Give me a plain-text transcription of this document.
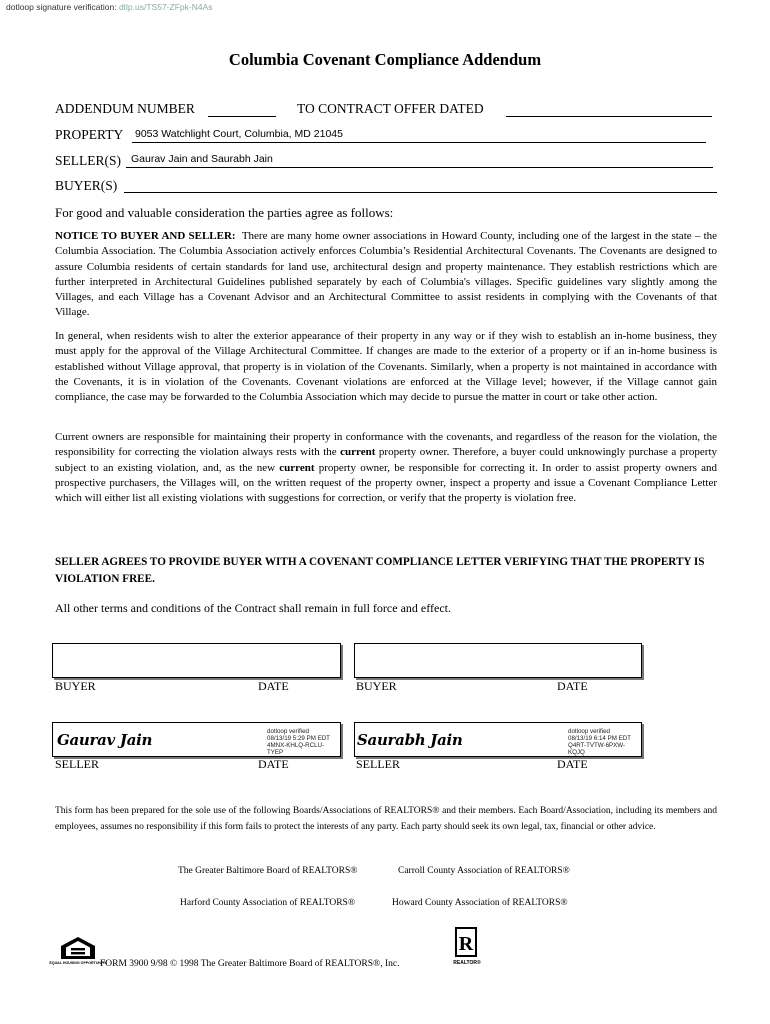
dotloop signature verification: dtlp.us/TS57-ZFpk-N4As
Columbia Covenant Compliance Addendum
ADDENDUM NUMBER	TO CONTRACT OFFER DATED
PROPERTY 9053 Watchlight Court, Columbia, MD 21045
SELLER(S) Gaurav Jain and Saurabh Jain
BUYER(S)
For good and valuable consideration the parties agree as follows:

NOTICE TO BUYER AND SELLER: There are many home owner associations in Howard County, including one of the largest in the state – the Columbia Association. The Columbia Association actively enforces Columbia’s Residential Architectural Covenants. The Covenants are designed to assure Columbia residents of certain standards for land use, architectural design and property maintenance. They establish restrictions which are further interpreted in Architectural Guidelines published separately by each of Columbia's villages. Specific guidelines vary slightly among the Villages, and each Village has a Covenant Advisor and an Architectural Committee to assist residents in complying with the Covenants of that Village.

In general, when residents wish to alter the exterior appearance of their property in any way or if they wish to establish an in-home business, they must apply for the approval of the Village Architectural Committee. If changes are made to the exterior of a property or if an in-home business is established without Village approval, that property is in violation of the Covenants. Similarly, when a property is not maintained in accordance with the Covenants, it is in violation of the Covenants. Covenant violations are enforced at the Village level; however, if the Village cannot gain compliance, the case may be forwarded to the Columbia Association which may decide to pursue the matter in court or take other action.

Current owners are responsible for maintaining their property in conformance with the covenants, and regardless of the reason for the violation, the responsibility for correcting the violation always rests with the current property owner. Therefore, a buyer could unknowingly purchase a property subject to an existing violation, and, as the new current property owner, be responsible for correcting it. In order to assist property owners and prospective purchasers, the Villages will, on the written request of the property owner, inspect a property and issue a Covenant Compliance Letter which will either list all existing violations with suggestions for correction, or verify that the property is violation free.

SELLER AGREES TO PROVIDE BUYER WITH A COVENANT COMPLIANCE LETTER VERIFYING THAT THE PROPERTY IS VIOLATION FREE.
All other terms and conditions of the Contract shall remain in full force and effect.
BUYER	DATE	BUYER	DATE
Gaurav Jain	dotloop verified
08/13/19 5:29 PM EDT
4MNX-KHLQ-RCLU-TYEP
Saurabh Jain	dotloop verified
08/13/19 6:14 PM EDT
Q4RT-TVTW-6PXW-KQJQ
SELLER	DATE	SELLER	DATE
This form has been prepared for the sole use of the following Boards/Associations of REALTORS® and their members. Each Board/Association, including its members and employees, assumes no responsibility if this form fails to protect the interests of any party. Each party should seek its own legal, tax, financial or other advice.
The Greater Baltimore Board of REALTORS®	Carroll County Association of REALTORS®
Harford County Association of REALTORS®	Howard County Association of REALTORS®
EQUAL HOUSING OPPORTUNITY
FORM 3900 9/98 © 1998 The Greater Baltimore Board of REALTORS®, Inc.
R
REALTOR®
